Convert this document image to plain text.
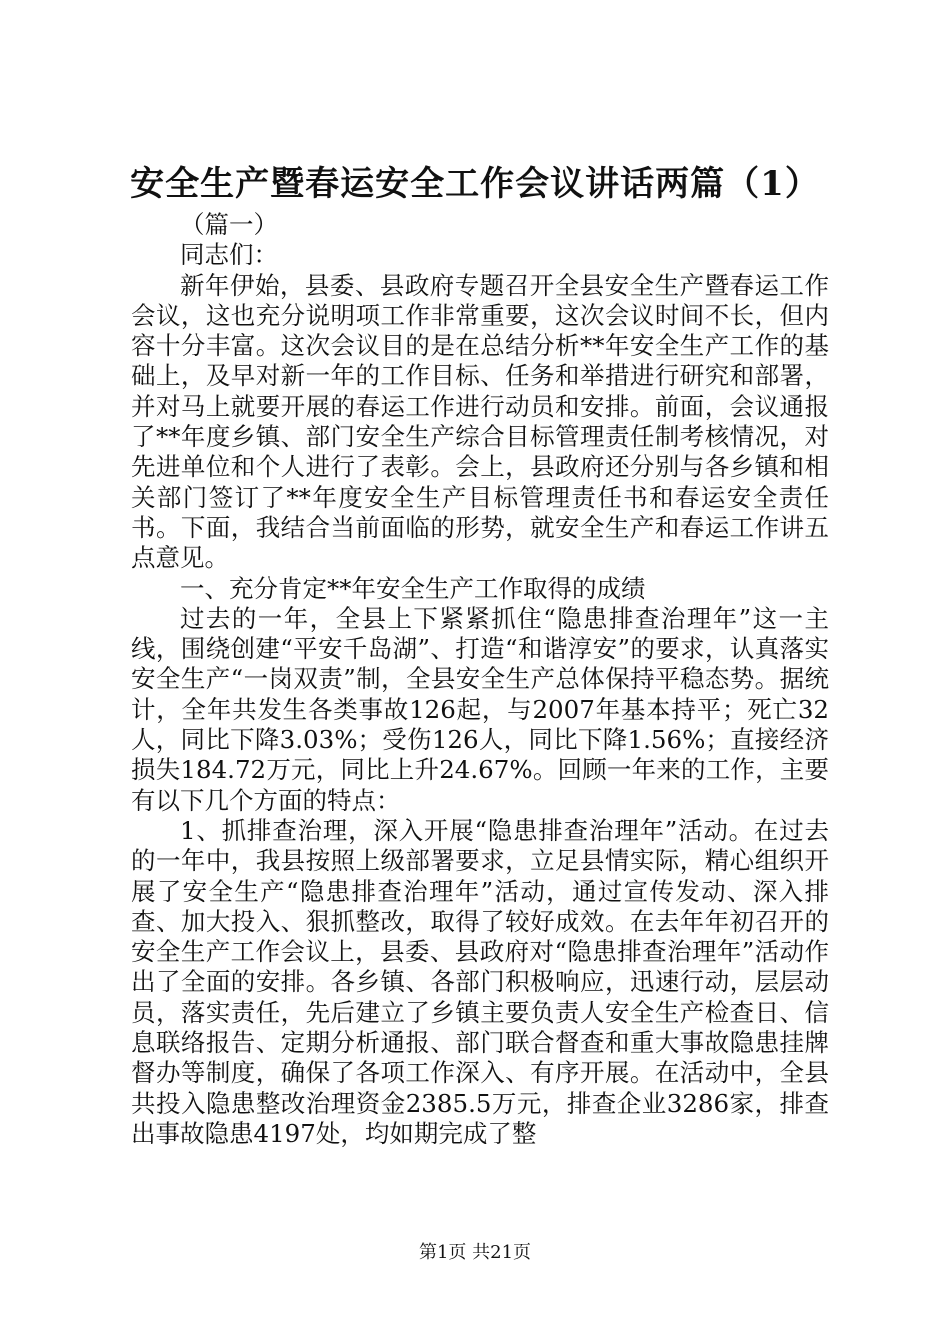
安全生产暨春运安全工作会议讲话两篇（1）

（篇一）

同志们：

新年伊始，县委、县政府专题召开全县安全生产暨春运工作会议，这也充分说明项工作非常重要，这次会议时间不长，但内容十分丰富。这次会议目的是在总结分析**年安全生产工作的基础上，及早对新一年的工作目标、任务和举措进行研究和部署，并对马上就要开展的春运工作进行动员和安排。前面，会议通报了**年度乡镇、部门安全生产综合目标管理责任制考核情况，对先进单位和个人进行了表彰。会上，县政府还分别与各乡镇和相关部门签订了**年度安全生产目标管理责任书和春运安全责任书。下面，我结合当前面临的形势，就安全生产和春运工作讲五点意见。

一、充分肯定**年安全生产工作取得的成绩

过去的一年，全县上下紧紧抓住“隐患排查治理年”这一主线，围绕创建“平安千岛湖”、打造“和谐淳安”的要求，认真落实安全生产“一岗双责”制，全县安全生产总体保持平稳态势。据统计，全年共发生各类事故126起，与2007年基本持平；死亡32人，同比下降3.03%；受伤126人，同比下降1.56%；直接经济损失184.72万元，同比上升24.67%。回顾一年来的工作，主要有以下几个方面的特点：

1、抓排查治理，深入开展“隐患排查治理年”活动。在过去的一年中，我县按照上级部署要求，立足县情实际，精心组织开展了安全生产“隐患排查治理年”活动，通过宣传发动、深入排查、加大投入、狠抓整改，取得了较好成效。在去年年初召开的安全生产工作会议上，县委、县政府对“隐患排查治理年”活动作出了全面的安排。各乡镇、各部门积极响应，迅速行动，层层动员，落实责任，先后建立了乡镇主要负责人安全生产检查日、信息联络报告、定期分析通报、部门联合督查和重大事故隐患挂牌督办等制度，确保了各项工作深入、有序开展。在活动中，全县共投入隐患整改治理资金2385.5万元，排查企业3286家，排查出事故隐患4197处，均如期完成了整

第1页 共21页
